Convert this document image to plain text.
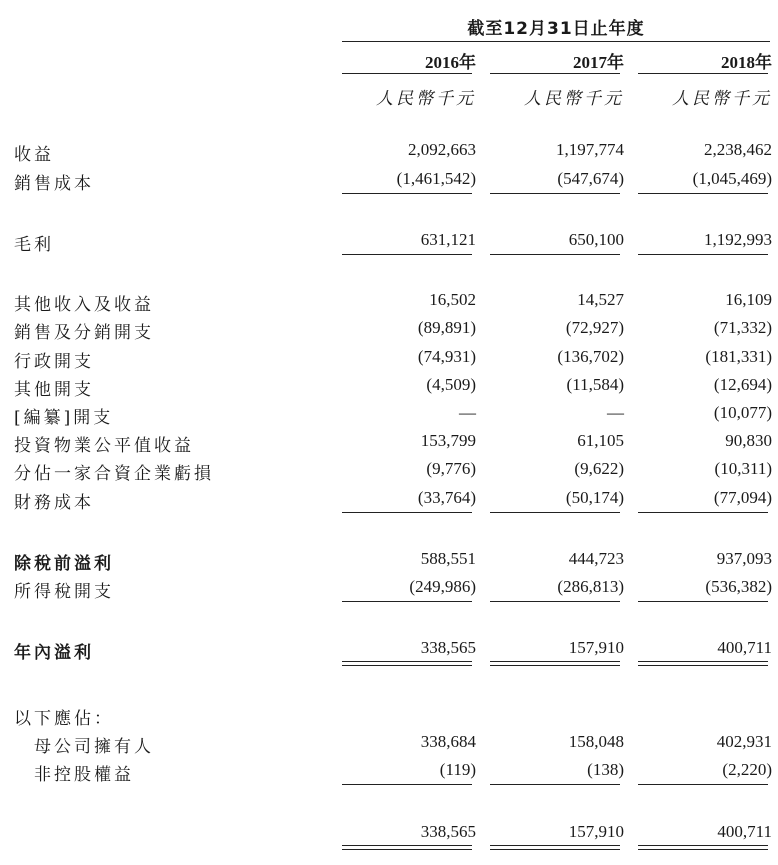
截至12月31日止年度
2016年	2017年	2018年
人民幣千元	人民幣千元	人民幣千元
收益	2,092,663	1,197,774	2,238,462
銷售成本	(1,461,542)	(547,674)	(1,045,469)
毛利	631,121	650,100	1,192,993
其他收入及收益	16,502	14,527	16,109
銷售及分銷開支	(89,891)	(72,927)	(71,332)
行政開支	(74,931)	(136,702)	(181,331)
其他開支	(4,509)	(11,584)	(12,694)
[編纂]開支	—	—	(10,077)
投資物業公平值收益	153,799	61,105	90,830
分佔一家合資企業虧損	(9,776)	(9,622)	(10,311)
財務成本	(33,764)	(50,174)	(77,094)
除稅前溢利	588,551	444,723	937,093
所得稅開支	(249,986)	(286,813)	(536,382)
年內溢利	338,565	157,910	400,711
以下應佔：
母公司擁有人	338,684	158,048	402,931
非控股權益	(119)	(138)	(2,220)
338,565	157,910	400,711
